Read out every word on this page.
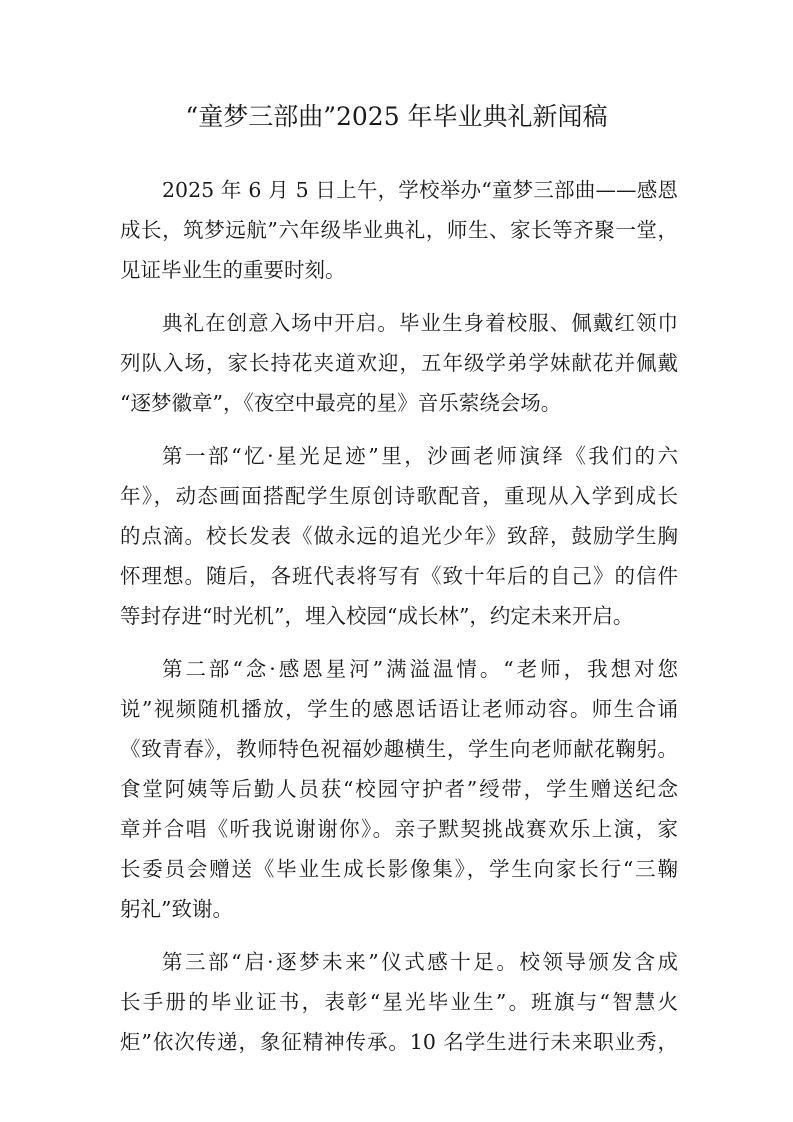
“童梦三部曲”2025 年毕业典礼新闻稿
2025 年 6 月 5 日上午，学校举办“童梦三部曲——感恩
成长，筑梦远航”六年级毕业典礼，师生、家长等齐聚一堂，
见证毕业生的重要时刻。
典礼在创意入场中开启。毕业生身着校服、佩戴红领巾
列队入场，家长持花夹道欢迎，五年级学弟学妹献花并佩戴
“逐梦徽章”，《夜空中最亮的星》音乐萦绕会场。
第一部“忆·星光足迹”里，沙画老师演绎《我们的六
年》，动态画面搭配学生原创诗歌配音，重现从入学到成长
的点滴。校长发表《做永远的追光少年》致辞，鼓励学生胸
怀理想。随后，各班代表将写有《致十年后的自己》的信件
等封存进“时光机”，埋入校园“成长林”，约定未来开启。
第二部“念·感恩星河”满溢温情。“老师，我想对您
说”视频随机播放，学生的感恩话语让老师动容。师生合诵
《致青春》，教师特色祝福妙趣横生，学生向老师献花鞠躬。
食堂阿姨等后勤人员获“校园守护者”绶带，学生赠送纪念
章并合唱《听我说谢谢你》。亲子默契挑战赛欢乐上演，家
长委员会赠送《毕业生成长影像集》，学生向家长行“三鞠
躬礼”致谢。
第三部“启·逐梦未来”仪式感十足。校领导颁发含成
长手册的毕业证书，表彰“星光毕业生”。班旗与“智慧火
炬”依次传递，象征精神传承。10 名学生进行未来职业秀，
